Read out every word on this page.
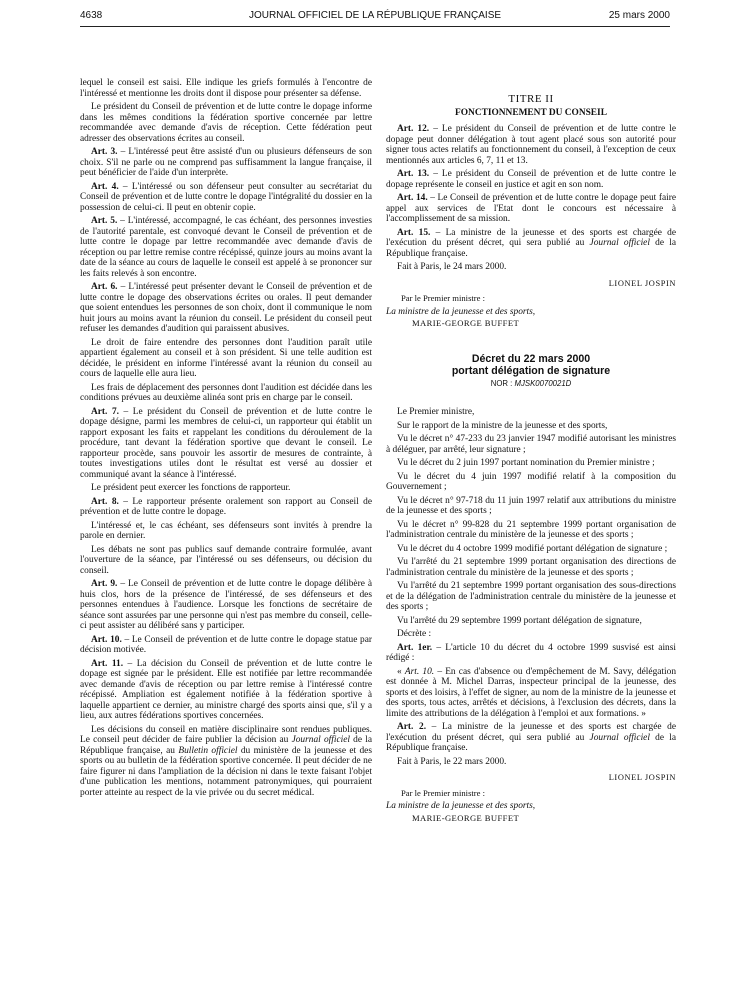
4638	JOURNAL OFFICIEL DE LA RÉPUBLIQUE FRANÇAISE	25 mars 2000

lequel le conseil est saisi. Elle indique les griefs formulés à l'encontre de l'intéressé et mentionne les droits dont il dispose pour présenter sa défense.

Le président du Conseil de prévention et de lutte contre le dopage informe dans les mêmes conditions la fédération sportive concernée par lettre recommandée avec demande d'avis de réception. Cette fédération peut adresser des observations écrites au conseil.

Art. 3. – L'intéressé peut être assisté d'un ou plusieurs défenseurs de son choix. S'il ne parle ou ne comprend pas suffisamment la langue française, il peut bénéficier de l'aide d'un interprète.

Art. 4. – L'intéressé ou son défenseur peut consulter au secrétariat du Conseil de prévention et de lutte contre le dopage l'intégralité du dossier en la possession de celui-ci. Il peut en obtenir copie.

Art. 5. – L'intéressé, accompagné, le cas échéant, des personnes investies de l'autorité parentale, est convoqué devant le Conseil de prévention et de lutte contre le dopage par lettre recommandée avec demande d'avis de réception ou par lettre remise contre récépissé, quinze jours au moins avant la date de la séance au cours de laquelle le conseil est appelé à se prononcer sur les faits relevés à son encontre.

Art. 6. – L'intéressé peut présenter devant le Conseil de prévention et de lutte contre le dopage des observations écrites ou orales. Il peut demander que soient entendues les personnes de son choix, dont il communique le nom huit jours au moins avant la réunion du conseil. Le président du conseil peut refuser les demandes d'audition qui paraissent abusives.

Le droit de faire entendre des personnes dont l'audition paraît utile appartient également au conseil et à son président. Si une telle audition est décidée, le président en informe l'intéressé avant la réunion du conseil au cours de laquelle elle aura lieu.

Les frais de déplacement des personnes dont l'audition est décidée dans les conditions prévues au deuxième alinéa sont pris en charge par le conseil.

Art. 7. – Le président du Conseil de prévention et de lutte contre le dopage désigne, parmi les membres de celui-ci, un rapporteur qui établit un rapport exposant les faits et rappelant les conditions du déroulement de la procédure, tant devant la fédération sportive que devant le conseil. Le rapporteur procède, sans pouvoir les assortir de mesures de contrainte, à toutes investigations utiles dont le résultat est versé au dossier et communiqué avant la séance à l'intéressé.

Le président peut exercer les fonctions de rapporteur.

Art. 8. – Le rapporteur présente oralement son rapport au Conseil de prévention et de lutte contre le dopage.

L'intéressé et, le cas échéant, ses défenseurs sont invités à prendre la parole en dernier.

Les débats ne sont pas publics sauf demande contraire formulée, avant l'ouverture de la séance, par l'intéressé ou ses défenseurs, ou décision du conseil.

Art. 9. – Le Conseil de prévention et de lutte contre le dopage délibère à huis clos, hors de la présence de l'intéressé, de ses défenseurs et des personnes entendues à l'audience. Lorsque les fonctions de secrétaire de séance sont assurées par une personne qui n'est pas membre du conseil, celle-ci peut assister au délibéré sans y participer.

Art. 10. – Le Conseil de prévention et de lutte contre le dopage statue par décision motivée.

Art. 11. – La décision du Conseil de prévention et de lutte contre le dopage est signée par le président. Elle est notifiée par lettre recommandée avec demande d'avis de réception ou par lettre remise à l'intéressé contre récépissé. Ampliation est également notifiée à la fédération sportive à laquelle appartient ce dernier, au ministre chargé des sports ainsi que, s'il y a lieu, aux autres fédérations sportives concernées.

Les décisions du conseil en matière disciplinaire sont rendues publiques. Le conseil peut décider de faire publier la décision au Journal officiel de la République française, au Bulletin officiel du ministère de la jeunesse et des sports ou au bulletin de la fédération sportive concernée. Il peut décider de ne faire figurer ni dans l'ampliation de la décision ni dans le texte faisant l'objet d'une publication les mentions, notamment patronymiques, qui pourraient porter atteinte au respect de la vie privée ou du secret médical.

TITRE II
FONCTIONNEMENT DU CONSEIL

Art. 12. – Le président du Conseil de prévention et de lutte contre le dopage peut donner délégation à tout agent placé sous son autorité pour signer tous actes relatifs au fonctionnement du conseil, à l'exception de ceux mentionnés aux articles 6, 7, 11 et 13.

Art. 13. – Le président du Conseil de prévention et de lutte contre le dopage représente le conseil en justice et agit en son nom.

Art. 14. – Le Conseil de prévention et de lutte contre le dopage peut faire appel aux services de l'Etat dont le concours est nécessaire à l'accomplissement de sa mission.

Art. 15. – La ministre de la jeunesse et des sports est chargée de l'exécution du présent décret, qui sera publié au Journal officiel de la République française.

Fait à Paris, le 24 mars 2000.

LIONEL JOSPIN
Par le Premier ministre :
La ministre de la jeunesse et des sports,
MARIE-GEORGE BUFFET
Décret du 22 mars 2000
portant délégation de signature
NOR : MJSK0070021D

Le Premier ministre,

Sur le rapport de la ministre de la jeunesse et des sports,

Vu le décret n° 47-233 du 23 janvier 1947 modifié autorisant les ministres à déléguer, par arrêté, leur signature ;

Vu le décret du 2 juin 1997 portant nomination du Premier ministre ;

Vu le décret du 4 juin 1997 modifié relatif à la composition du Gouvernement ;

Vu le décret n° 97-718 du 11 juin 1997 relatif aux attributions du ministre de la jeunesse et des sports ;

Vu le décret n° 99-828 du 21 septembre 1999 portant organisation de l'administration centrale du ministère de la jeunesse et des sports ;

Vu le décret du 4 octobre 1999 modifié portant délégation de signature ;

Vu l'arrêté du 21 septembre 1999 portant organisation des directions de l'administration centrale du ministère de la jeunesse et des sports ;

Vu l'arrêté du 21 septembre 1999 portant organisation des sous-directions et de la délégation de l'administration centrale du ministère de la jeunesse et des sports ;

Vu l'arrêté du 29 septembre 1999 portant délégation de signature,

Décrète :

Art. 1er. – L'article 10 du décret du 4 octobre 1999 susvisé est ainsi rédigé :

« Art. 10. – En cas d'absence ou d'empêchement de M. Savy, délégation est donnée à M. Michel Darras, inspecteur principal de la jeunesse, des sports et des loisirs, à l'effet de signer, au nom de la ministre de la jeunesse et des sports, tous actes, arrêtés et décisions, à l'exclusion des décrets, dans la limite des attributions de la délégation à l'emploi et aux formations. »

Art. 2. – La ministre de la jeunesse et des sports est chargée de l'exécution du présent décret, qui sera publié au Journal officiel de la République française.

Fait à Paris, le 22 mars 2000.

LIONEL JOSPIN
Par le Premier ministre :
La ministre de la jeunesse et des sports,
MARIE-GEORGE BUFFET
